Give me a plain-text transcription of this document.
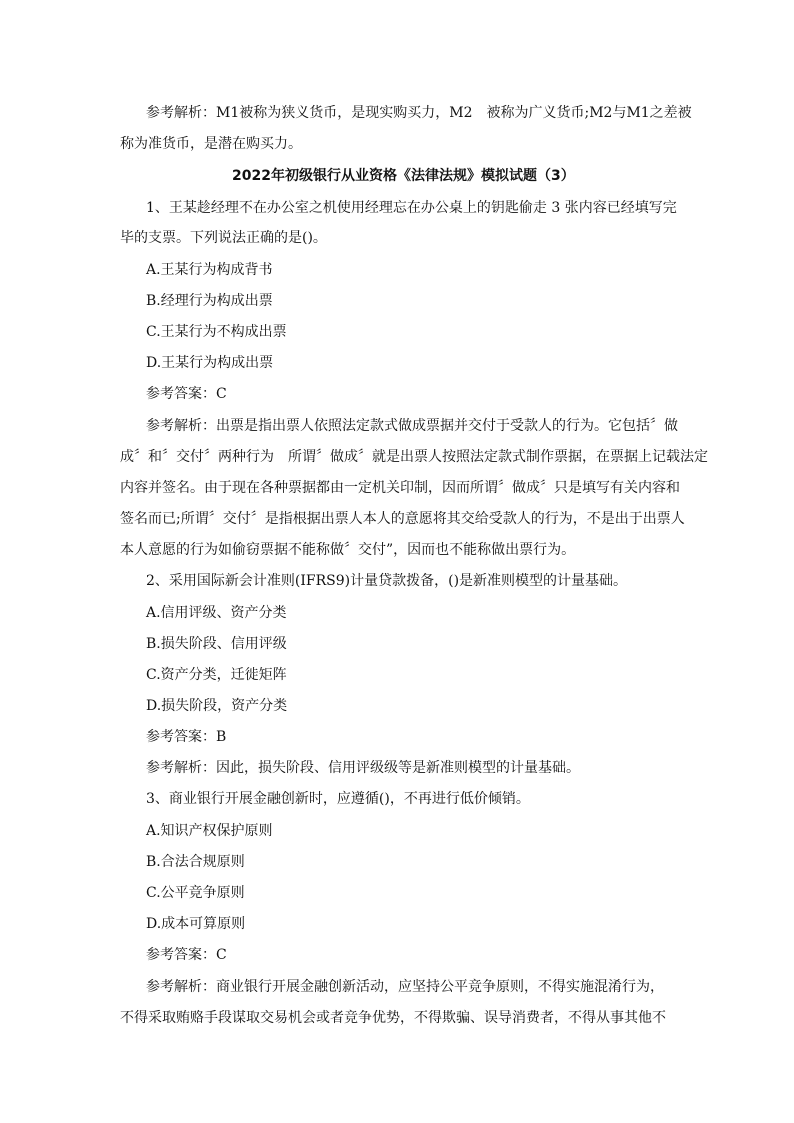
参考解析：M1被称为狭义货币，是现实购买力，M2　被称为广义货币;M2与M1之差被
称为准货币，是潜在购买力。
2022年初级银行从业资格《法律法规》模拟试题（3）
1、王某趁经理不在办公室之机使用经理忘在办公桌上的钥匙偷走 3 张内容已经填写完
毕的支票。下列说法正确的是()。
A.王某行为构成背书
B.经理行为构成出票
C.王某行为不构成出票
D.王某行为构成出票
参考答案：C
参考解析：出票是指出票人依照法定款式做成票据并交付于受款人的行为。它包括〞做
成〞和〞交付〞两种行为　所谓〞做成〞就是出票人按照法定款式制作票据，在票据上记载法定
内容并签名。由于现在各种票据都由一定机关印制，因而所谓〞做成〞只是填写有关内容和
签名而已;所谓〞交付〞是指根据出票人本人的意愿将其交给受款人的行为，不是出于出票人
本人意愿的行为如偷窃票据不能称做〞交付”，因而也不能称做出票行为。
2、采用国际新会计准则(IFRS9)计量贷款拨备，()是新准则模型的计量基础。
A.信用评级、资产分类
B.损失阶段、信用评级
C.资产分类，迁徙矩阵
D.损失阶段，资产分类
参考答案：B
参考解析：因此，损失阶段、信用评级级等是新准则模型的计量基础。
3、商业银行开展金融创新时，应遵循()，不再进行低价倾销。
A.知识产权保护原则
B.合法合规原则
C.公平竞争原则
D.成本可算原则
参考答案：C
参考解析：商业银行开展金融创新活动，应坚持公平竞争原则，不得实施混淆行为，
不得采取贿赂手段谋取交易机会或者竞争优势，不得欺骗、误导消费者，不得从事其他不
